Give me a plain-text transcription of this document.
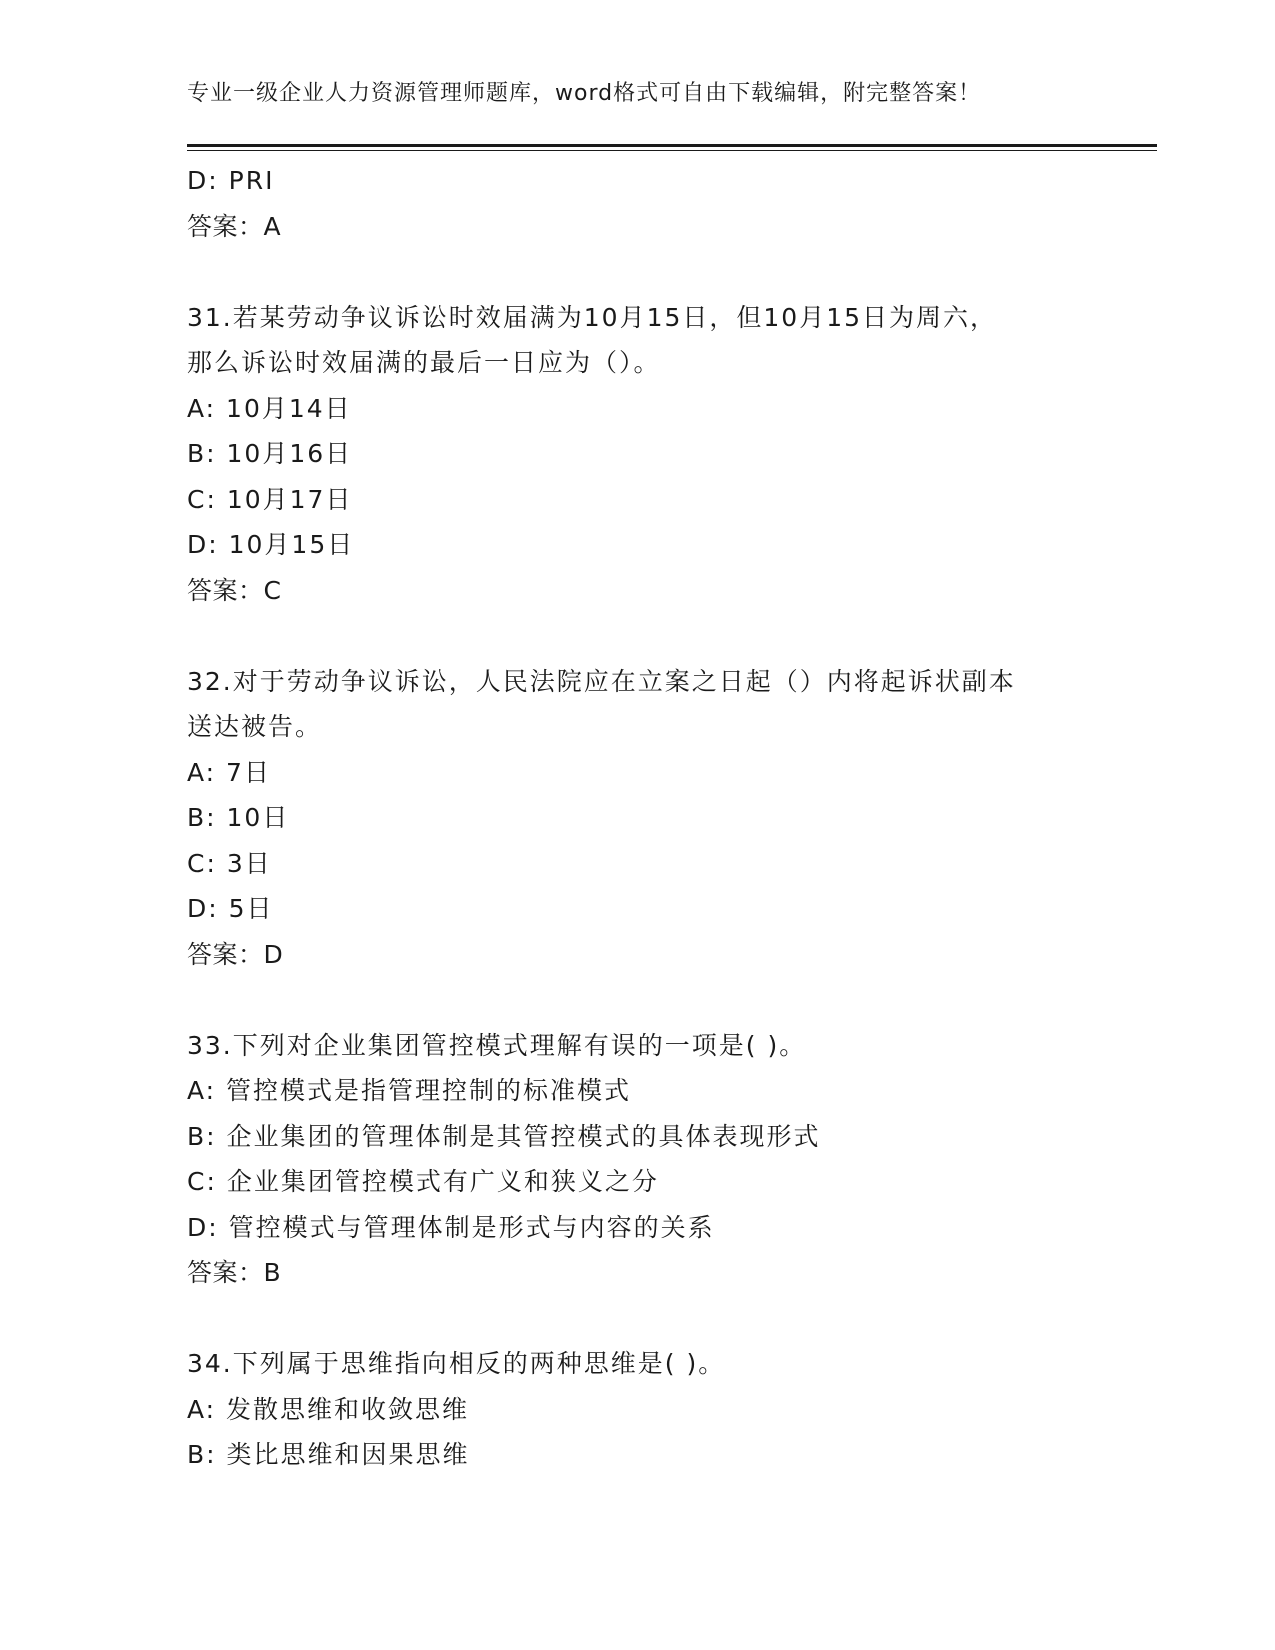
专业一级企业人力资源管理师题库，word格式可自由下载编辑，附完整答案！
D: PRI
答案：A
31.若某劳动争议诉讼时效届满为10月15日，但10月15日为周六，
那么诉讼时效届满的最后一日应为（）。
A: 10月14日
B: 10月16日
C: 10月17日
D: 10月15日
答案：C
32.对于劳动争议诉讼，人民法院应在立案之日起（）内将起诉状副本
送达被告。
A: 7日
B: 10日
C: 3日
D: 5日
答案：D
33.下列对企业集团管控模式理解有误的一项是( )。
A: 管控模式是指管理控制的标准模式
B: 企业集团的管理体制是其管控模式的具体表现形式
C: 企业集团管控模式有广义和狭义之分
D: 管控模式与管理体制是形式与内容的关系
答案：B
34.下列属于思维指向相反的两种思维是( )。
A: 发散思维和收敛思维
B: 类比思维和因果思维
